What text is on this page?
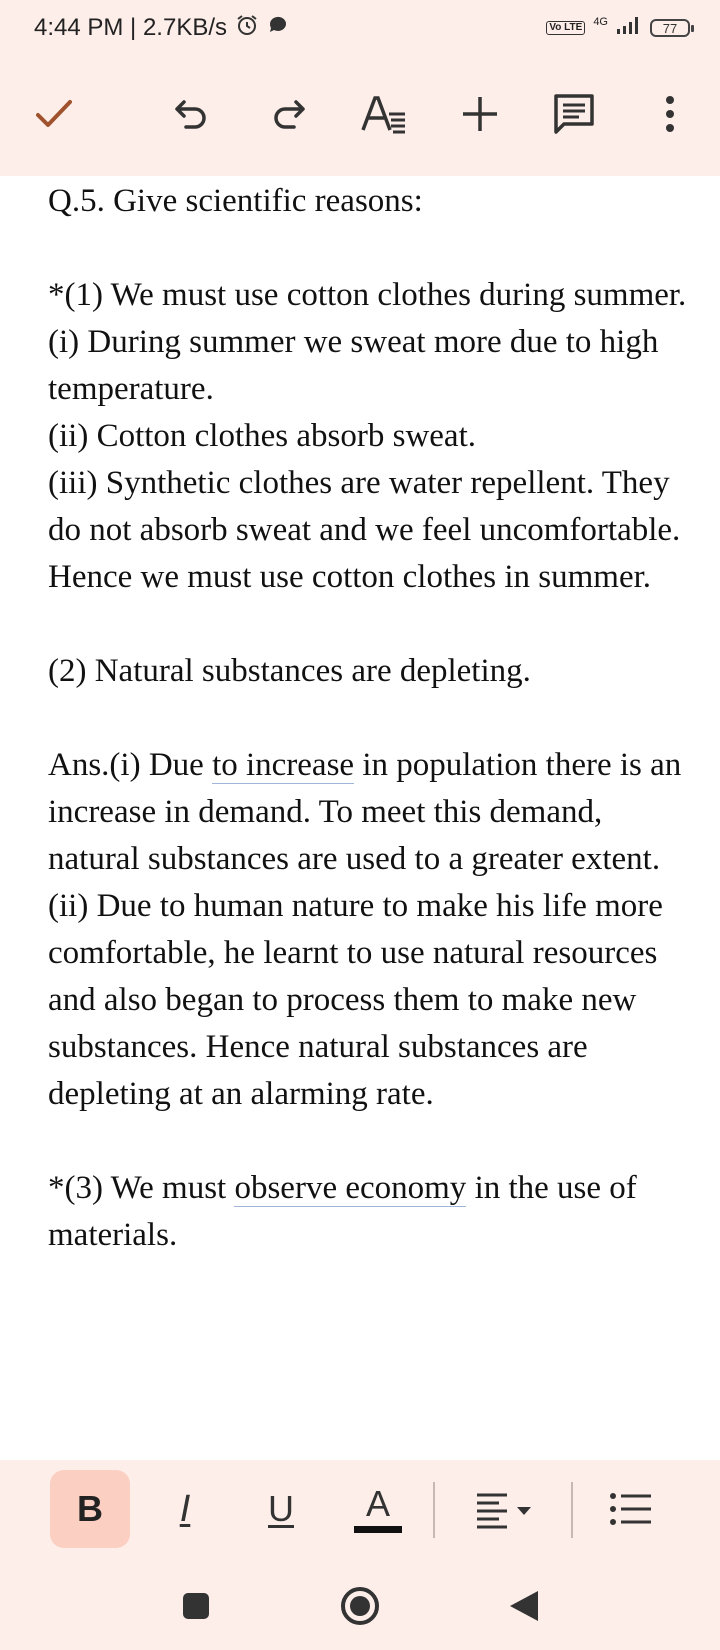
4:44 PM | 2.7KB/s	Vo LTE 4G	77
Q.5. Give scientific reasons:
*(1) We must use cotton clothes during summer.
(i) During summer we sweat more due to high temperature.
(ii) Cotton clothes absorb sweat.
(iii) Synthetic clothes are water repellent. They do not absorb sweat and we feel uncomfortable.
Hence we must use cotton clothes in summer.
(2) Natural substances are depleting.
Ans.(i) Due to increase in population there is an increase in demand. To meet this demand, natural substances are used to a greater extent.
(ii) Due to human nature to make his life more comfortable, he learnt to use natural resources and also began to process them to make new substances. Hence natural substances are depleting at an alarming rate.
*(3) We must observe economy in the use of materials.
B I U A
